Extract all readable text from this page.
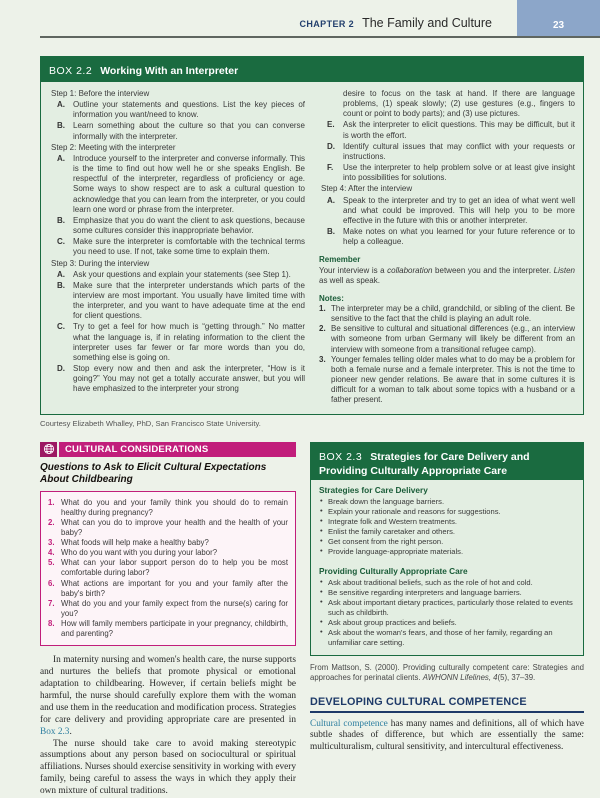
CHAPTER 2 The Family and Culture	23
BOX 2.2 Working With an Interpreter
Step 1: Before the interview
A. Outline your statements and questions. List the key pieces of information you want/need to know.
B. Learn something about the culture so that you can converse informally with the interpreter.
Step 2: Meeting with the interpreter
A. Introduce yourself to the interpreter and converse informally. This is the time to find out how well he or she speaks English. Be respectful of the interpreter, regardless of proficiency or age. Some ways to show respect are to ask a cultural question to acknowledge that you can learn from the interpreter, or you could learn one word or phrase from the interpreter.
B. Emphasize that you do want the client to ask questions, because some cultures consider this inappropriate behavior.
C. Make sure the interpreter is comfortable with the technical terms you need to use. If not, take some time to explain them.
Step 3: During the interview
A. Ask your questions and explain your statements (see Step 1).
B. Make sure that the interpreter understands which parts of the interview are most important. You usually have limited time with the interpreter, and you want to have adequate time at the end for client questions.
C. Try to get a feel for how much is “getting through.” No matter what the language is, if in relating information to the client the interpreter uses far fewer or far more words than you do, something else is going on.
D. Stop every now and then and ask the interpreter, “How is it going?” You may not get a totally accurate answer, but you will have emphasized to the interpreter your strong
desire to focus on the task at hand. If there are language problems, (1) speak slowly; (2) use gestures (e.g., fingers to count or point to body parts); and (3) use pictures.
E. Ask the interpreter to elicit questions. This may be difficult, but it is worth the effort.
D. Identify cultural issues that may conflict with your requests or instructions.
F. Use the interpreter to help problem solve or at least give insight into possibilities for solutions.
Step 4: After the interview
A. Speak to the interpreter and try to get an idea of what went well and what could be improved. This will help you to be more effective in the future with this or another interpreter.
B. Make notes on what you learned for your future reference or to help a colleague.
Remember

Your interview is a collaboration between you and the interpreter. Listen as well as speak.

Notes:
1. The interpreter may be a child, grandchild, or sibling of the client. Be sensitive to the fact that the child is playing an adult role.
2. Be sensitive to cultural and situational differences (e.g., an interview with someone from urban Germany will likely be different from an interview with someone from a transitional refugee camp).
3. Younger females telling older males what to do may be a problem for both a female nurse and a female interpreter. This is not the time to pioneer new gender relations. Be aware that in some cultures it is difficult for a woman to talk about some topics with a husband or a father present.
Courtesy Elizabeth Whalley, PhD, San Francisco State University.
CULTURAL CONSIDERATIONS
Questions to Ask to Elicit Cultural Expectations About Childbearing
1. What do you and your family think you should do to remain healthy during pregnancy?
2. What can you do to improve your health and the health of your baby?
3. What foods will help make a healthy baby?
4. Who do you want with you during your labor?
5. What can your labor support person do to help you be most comfortable during labor?
6. What actions are important for you and your family after the baby's birth?
7. What do you and your family expect from the nurse(s) caring for you?
8. How will family members participate in your pregnancy, childbirth, and parenting?

In maternity nursing and women's health care, the nurse supports and nurtures the beliefs that promote physical or emotional adaptation to childbearing. However, if certain beliefs might be harmful, the nurse should carefully explore them with the woman and use them in the reeducation and modification process. Strategies for care delivery and providing appropriate care are presented in Box 2.3.

The nurse should take care to avoid making stereotypic assumptions about any person based on sociocultural or spiritual affiliations. Nurses should exercise sensitivity in working with every family, being careful to assess the ways in which they apply their own mixture of cultural traditions.

BOX 2.3 Strategies for Care Delivery and
Providing Culturally Appropriate Care
Strategies for Care Delivery
• Break down the language barriers.
• Explain your rationale and reasons for suggestions.
• Integrate folk and Western treatments.
• Enlist the family caretaker and others.
• Get consent from the right person.
• Provide language-appropriate materials.
Providing Culturally Appropriate Care
• Ask about traditional beliefs, such as the role of hot and cold.
• Be sensitive regarding interpreters and language barriers.
• Ask about important dietary practices, particularly those related to events such as childbirth.
• Ask about group practices and beliefs.
• Ask about the woman's fears, and those of her family, regarding an unfamiliar care setting.

From Mattson, S. (2000). Providing culturally competent care: Strategies and approaches for perinatal clients. AWHONN Lifelines, 4(5), 37–39.

DEVELOPING CULTURAL COMPETENCE

Cultural competence has many names and definitions, all of which have subtle shades of difference, but which are essentially the same: multiculturalism, cultural sensitivity, and intercultural effectiveness.
